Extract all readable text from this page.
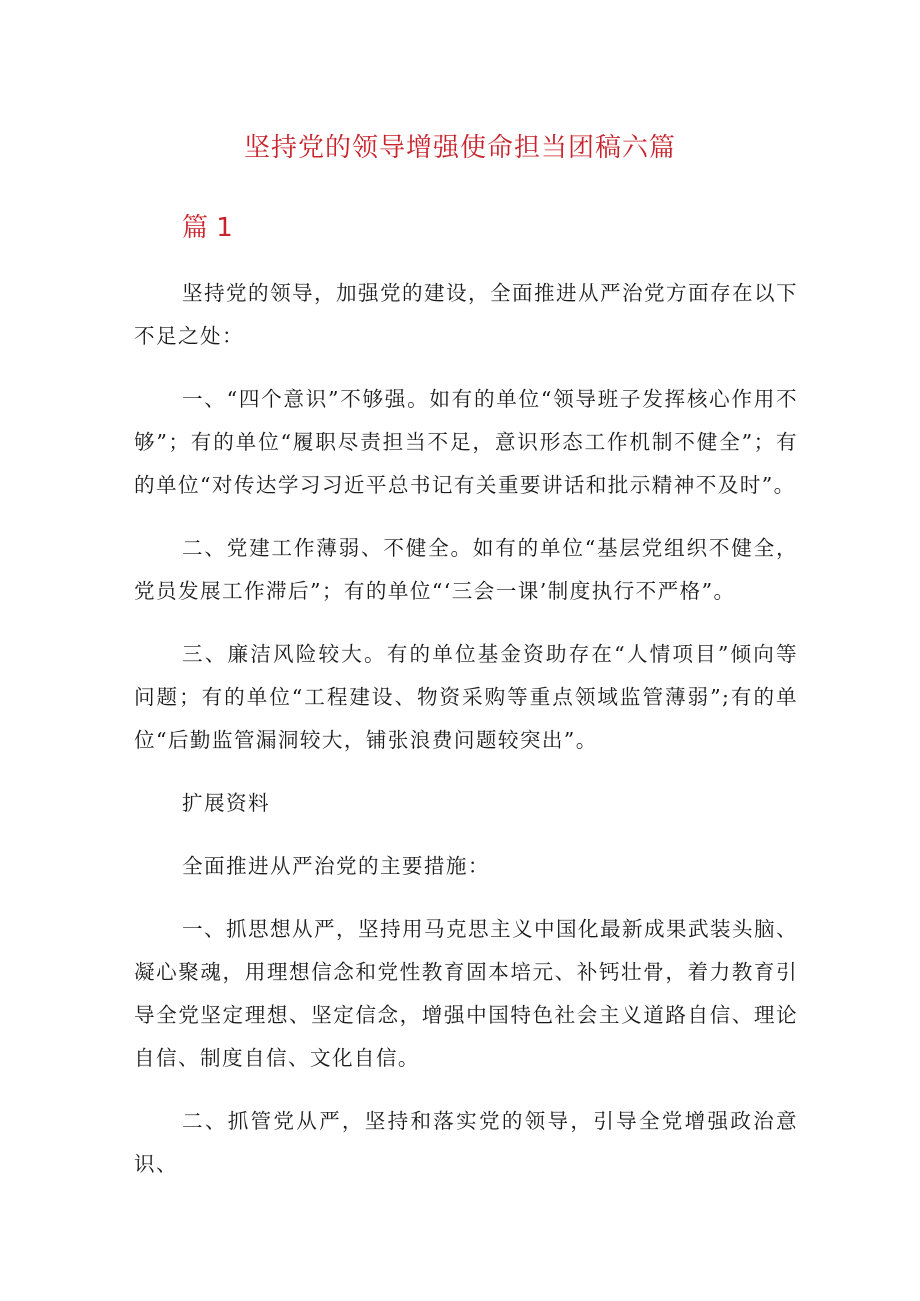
坚持党的领导增强使命担当团稿六篇
篇 1

坚持党的领导，加强党的建设，全面推进从严治党方面存在以下不足之处：

一、“四个意识”不够强。如有的单位“领导班子发挥核心作用不够”；有的单位“履职尽责担当不足，意识形态工作机制不健全”；有的单位“对传达学习习近平总书记有关重要讲话和批示精神不及时”。

二、党建工作薄弱、不健全。如有的单位“基层党组织不健全，党员发展工作滞后”；有的单位“‘三会一课’制度执行不严格”。

三、廉洁风险较大。有的单位基金资助存在“人情项目”倾向等问题；有的单位“工程建设、物资采购等重点领域监管薄弱”;有的单位“后勤监管漏洞较大，铺张浪费问题较突出”。

扩展资料

全面推进从严治党的主要措施：

一、抓思想从严，坚持用马克思主义中国化最新成果武装头脑、凝心聚魂，用理想信念和党性教育固本培元、补钙壮骨，着力教育引导全党坚定理想、坚定信念，增强中国特色社会主义道路自信、理论自信、制度自信、文化自信。

二、抓管党从严，坚持和落实党的领导，引导全党增强政治意识、
